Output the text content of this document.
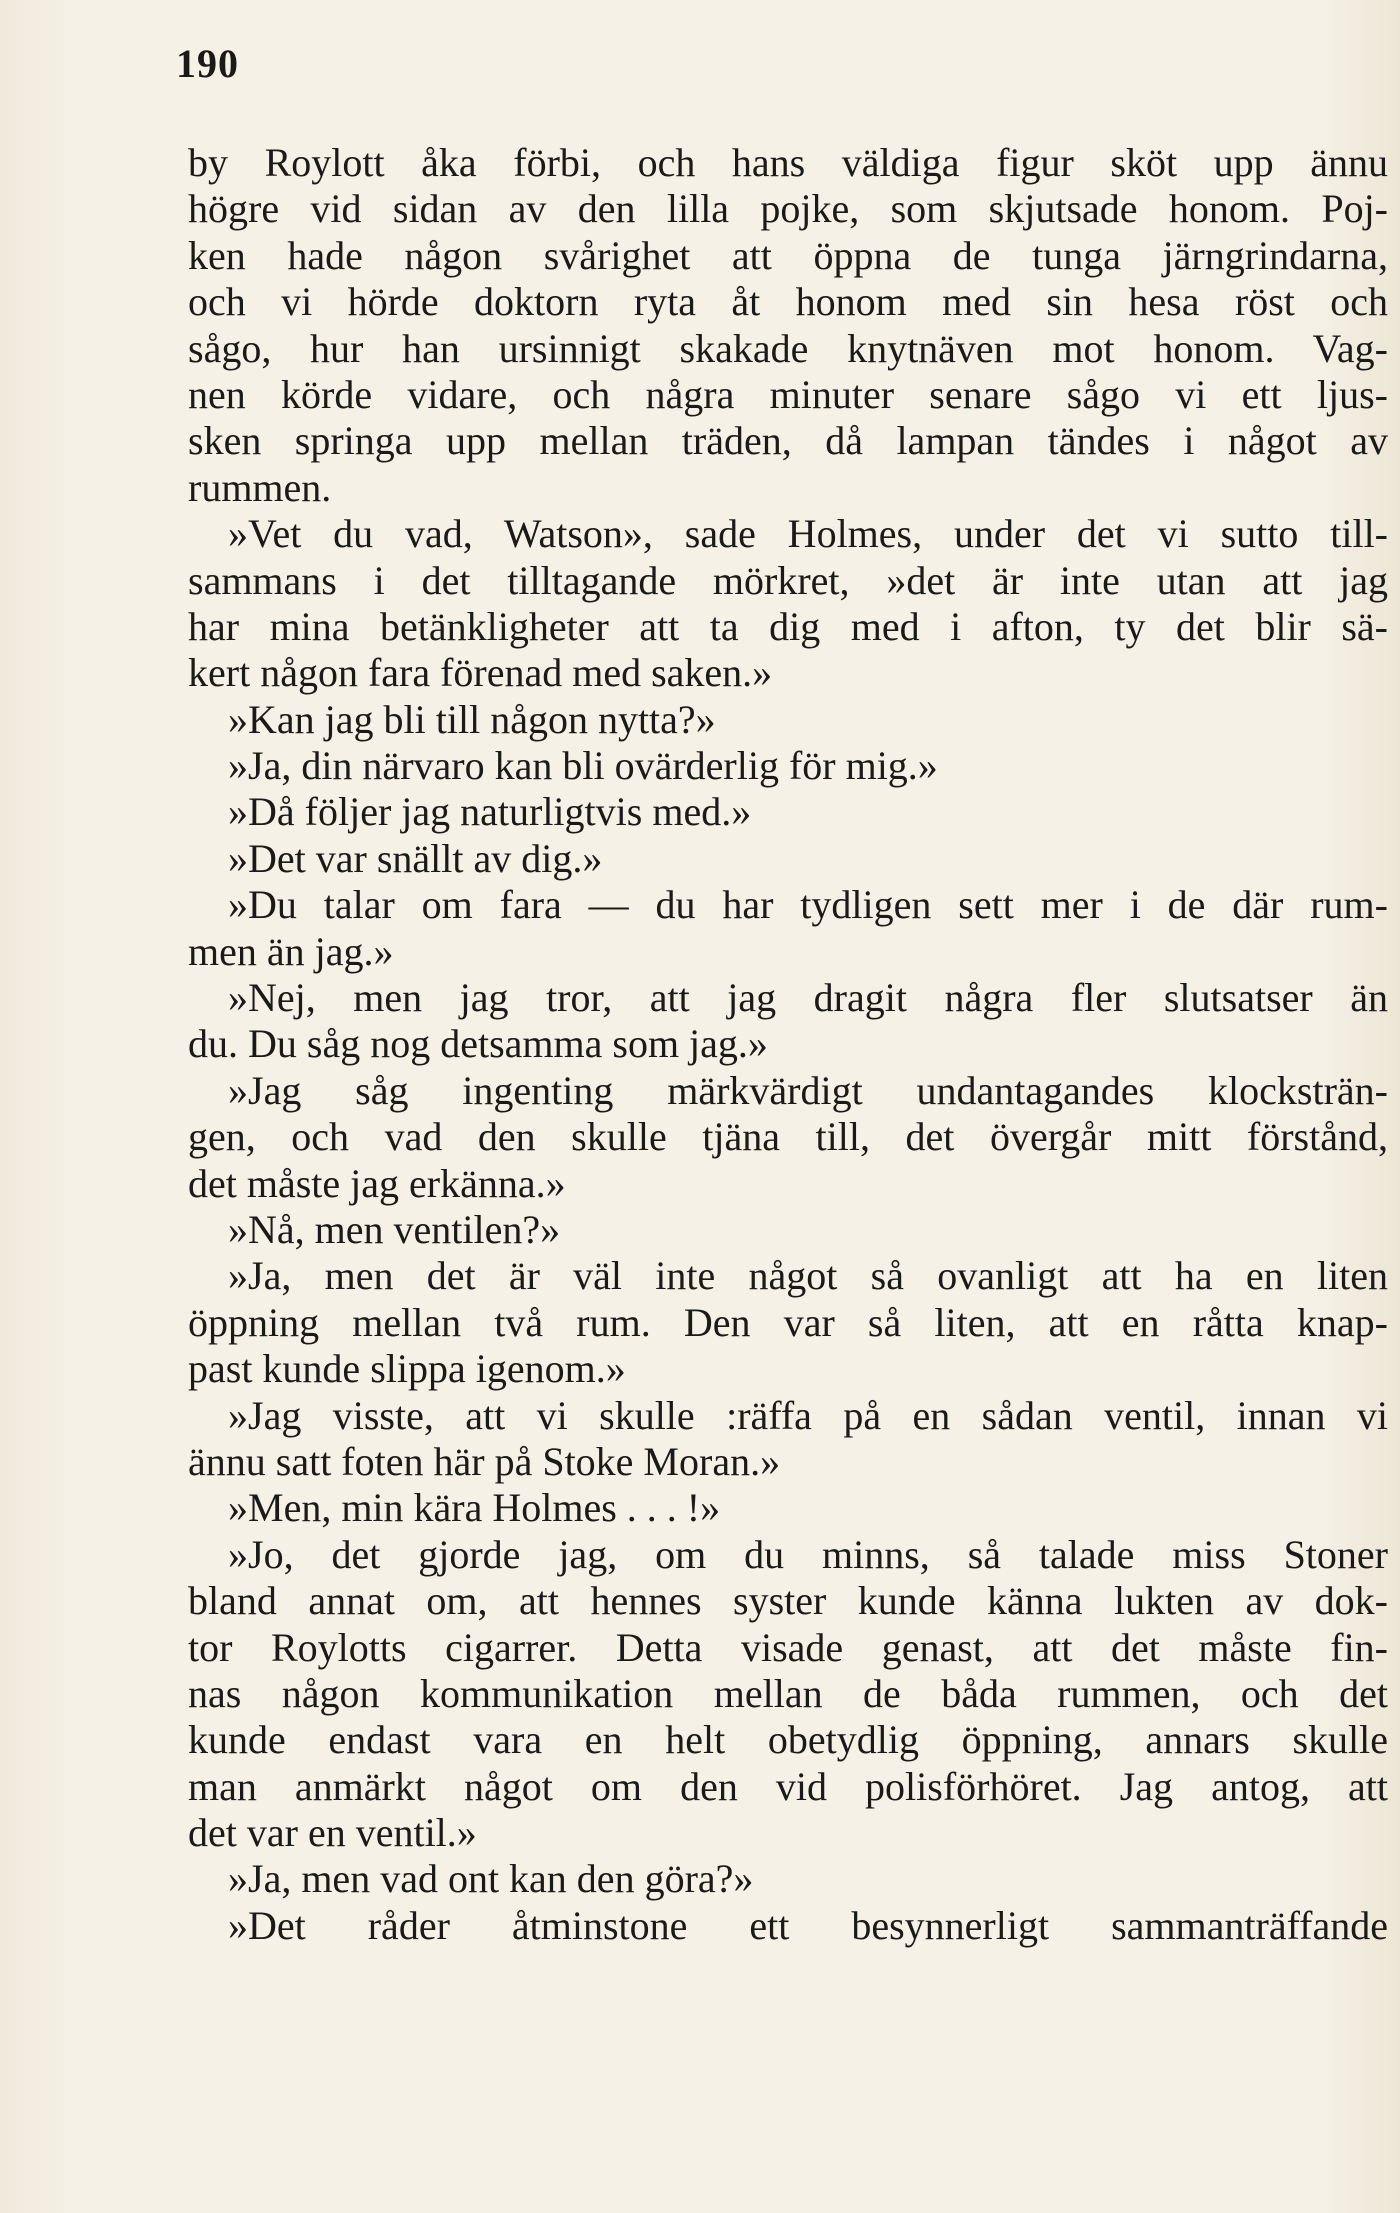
190
by Roylott åka förbi, och hans väldiga figur sköt upp ännu
högre vid sidan av den lilla pojke, som skjutsade honom. Poj-
ken hade någon svårighet att öppna de tunga järngrindarna,
och vi hörde doktorn ryta åt honom med sin hesa röst och
sågo, hur han ursinnigt skakade knytnäven mot honom. Vag-
nen körde vidare, och några minuter senare sågo vi ett ljus-
sken springa upp mellan träden, då lampan tändes i något av
rummen.
»Vet du vad, Watson», sade Holmes, under det vi sutto till-
sammans i det tilltagande mörkret, »det är inte utan att jag
har mina betänkligheter att ta dig med i afton, ty det blir sä-
kert någon fara förenad med saken.»
»Kan jag bli till någon nytta?»
»Ja, din närvaro kan bli ovärderlig för mig.»
»Då följer jag naturligtvis med.»
»Det var snällt av dig.»
»Du talar om fara — du har tydligen sett mer i de där rum-
men än jag.»
»Nej, men jag tror, att jag dragit några fler slutsatser än
du. Du såg nog detsamma som jag.»
»Jag såg ingenting märkvärdigt undantagandes klocksträn-
gen, och vad den skulle tjäna till, det övergår mitt förstånd,
det måste jag erkänna.»
»Nå, men ventilen?»
»Ja, men det är väl inte något så ovanligt att ha en liten
öppning mellan två rum. Den var så liten, att en råtta knap-
past kunde slippa igenom.»
»Jag visste, att vi skulle :räffa på en sådan ventil, innan vi
ännu satt foten här på Stoke Moran.»
»Men, min kära Holmes . . . !»
»Jo, det gjorde jag, om du minns, så talade miss Stoner
bland annat om, att hennes syster kunde känna lukten av dok-
tor Roylotts cigarrer. Detta visade genast, att det måste fin-
nas någon kommunikation mellan de båda rummen, och det
kunde endast vara en helt obetydlig öppning, annars skulle
man anmärkt något om den vid polisförhöret. Jag antog, att
det var en ventil.»
»Ja, men vad ont kan den göra?»
»Det råder åtminstone ett besynnerligt sammanträffande
